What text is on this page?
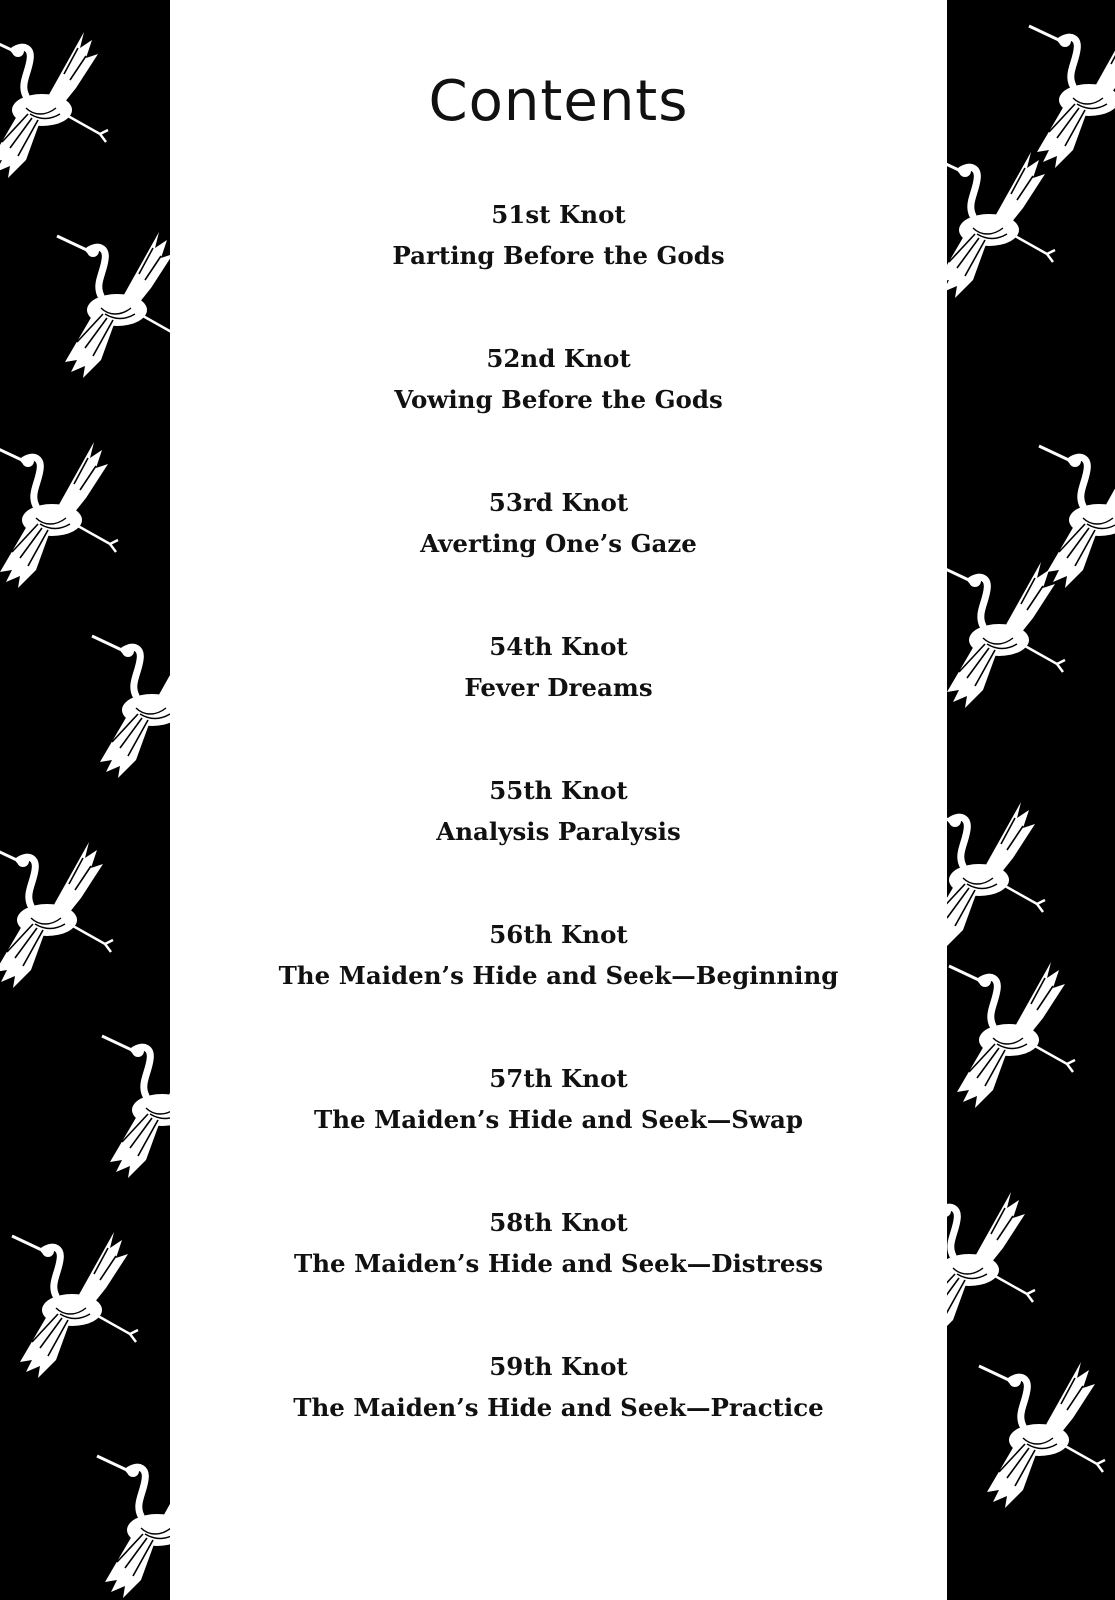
Contents
51st Knot
Parting Before the Gods
52nd Knot
Vowing Before the Gods
53rd Knot
Averting One’s Gaze
54th Knot
Fever Dreams
55th Knot
Analysis Paralysis
56th Knot
The Maiden’s Hide and Seek—Beginning
57th Knot
The Maiden’s Hide and Seek—Swap
58th Knot
The Maiden’s Hide and Seek—Distress
59th Knot
The Maiden’s Hide and Seek—Practice
